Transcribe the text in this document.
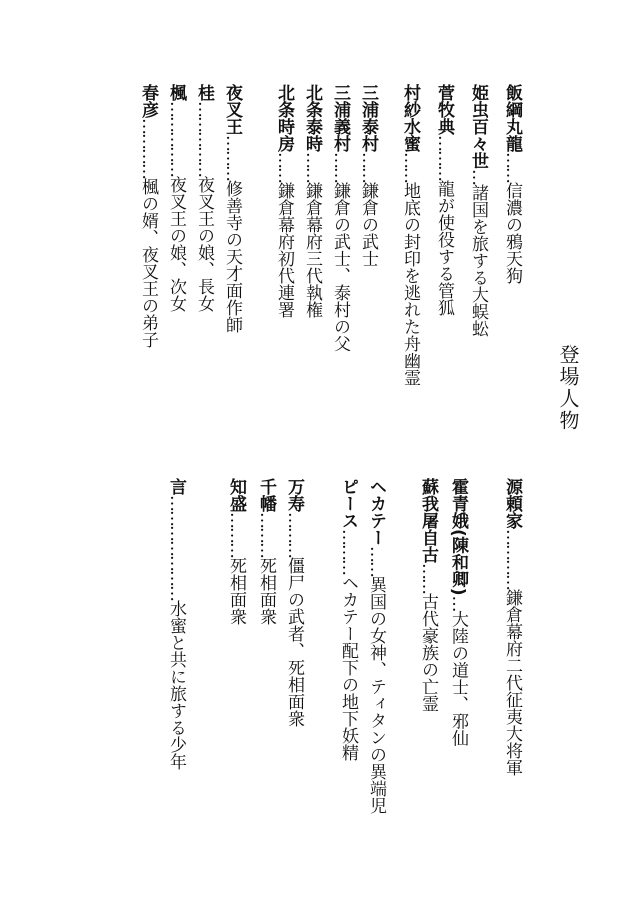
登場人物
飯綱丸龍……信濃の鴉天狗
姫虫百々世…諸国を旅する大蜈蚣
菅牧典………龍が使役する管狐
村紗水蜜……地底の封印を逃れた舟幽霊
三浦泰村……鎌倉の武士
三浦義村……鎌倉の武士、泰村の父
北条泰時……鎌倉幕府三代執権
北条時房……鎌倉幕府初代連署
夜叉王………修善寺の天才面作師
桂……………夜叉王の娘、長女
楓……………夜叉王の娘、次女
春彦…………楓の婿、夜叉王の弟子
源頼家…………鎌倉幕府二代征夷大将軍
霍青娥(陳和卿)…大陸の道士、邪仙
蘇我屠自古……古代豪族の亡霊
ヘカテー……異国の女神、ティタンの異端児
ピース………ヘカテー配下の地下妖精
万寿………僵尸の武者、死相面衆
千幡………死相面衆
知盛………死相面衆
言…………………水蜜と共に旅する少年
